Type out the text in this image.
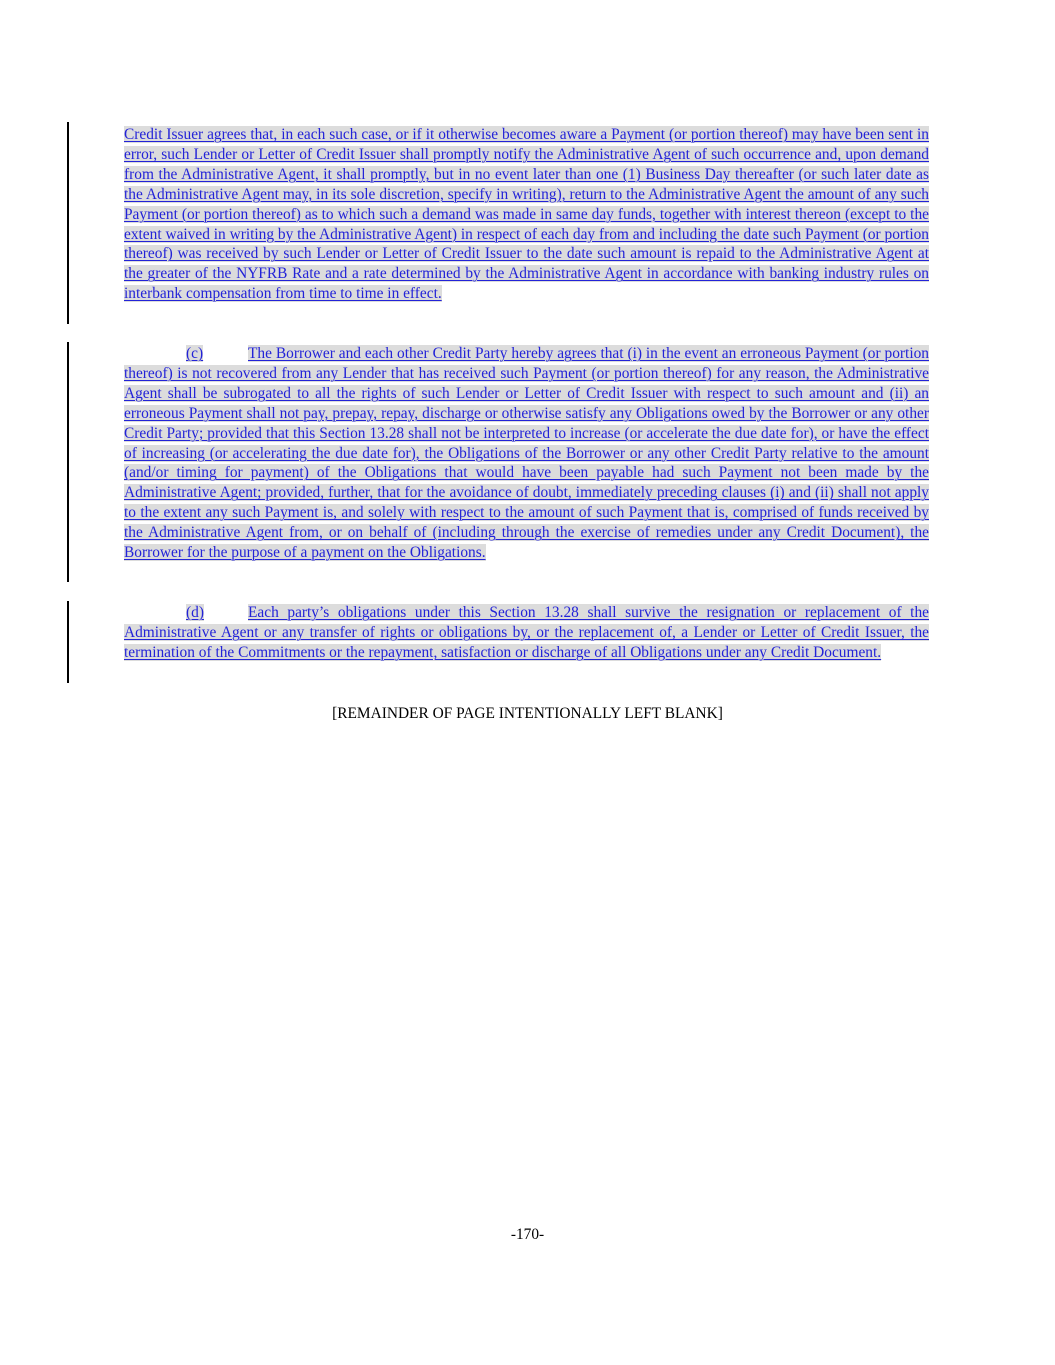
Credit Issuer agrees that, in each such case, or if it otherwise becomes aware a Payment (or portion thereof) may have been sent in error, such Lender or Letter of Credit Issuer shall promptly notify the Administrative Agent of such occurrence and, upon demand from the Administrative Agent, it shall promptly, but in no event later than one (1) Business Day thereafter (or such later date as the Administrative Agent may, in its sole discretion, specify in writing), return to the Administrative Agent the amount of any such Payment (or portion thereof) as to which such a demand was made in same day funds, together with interest thereon (except to the extent waived in writing by the Administrative Agent) in respect of each day from and including the date such Payment (or portion thereof) was received by such Lender or Letter of Credit Issuer to the date such amount is repaid to the Administrative Agent at the greater of the NYFRB Rate and a rate determined by the Administrative Agent in accordance with banking industry rules on interbank compensation from time to time in effect.

(c)	The Borrower and each other Credit Party hereby agrees that (i) in the event an erroneous Payment (or portion thereof) is not recovered from any Lender that has received such Payment (or portion thereof) for any reason, the Administrative Agent shall be subrogated to all the rights of such Lender or Letter of Credit Issuer with respect to such amount and (ii) an erroneous Payment shall not pay, prepay, repay, discharge or otherwise satisfy any Obligations owed by the Borrower or any other Credit Party; provided that this Section 13.28 shall not be interpreted to increase (or accelerate the due date for), or have the effect of increasing (or accelerating the due date for), the Obligations of the Borrower or any other Credit Party relative to the amount (and/or timing for payment) of the Obligations that would have been payable had such Payment not been made by the Administrative Agent; provided, further, that for the avoidance of doubt, immediately preceding clauses (i) and (ii) shall not apply to the extent any such Payment is, and solely with respect to the amount of such Payment that is, comprised of funds received by the Administrative Agent from, or on behalf of (including through the exercise of remedies under any Credit Document), the Borrower for the purpose of a payment on the Obligations.

(d)	Each party’s obligations under this Section 13.28 shall survive the resignation or replacement of the Administrative Agent or any transfer of rights or obligations by, or the replacement of, a Lender or Letter of Credit Issuer, the termination of the Commitments or the repayment, satisfaction or discharge of all Obligations under any Credit Document.

[REMAINDER OF PAGE INTENTIONALLY LEFT BLANK]
-170-
